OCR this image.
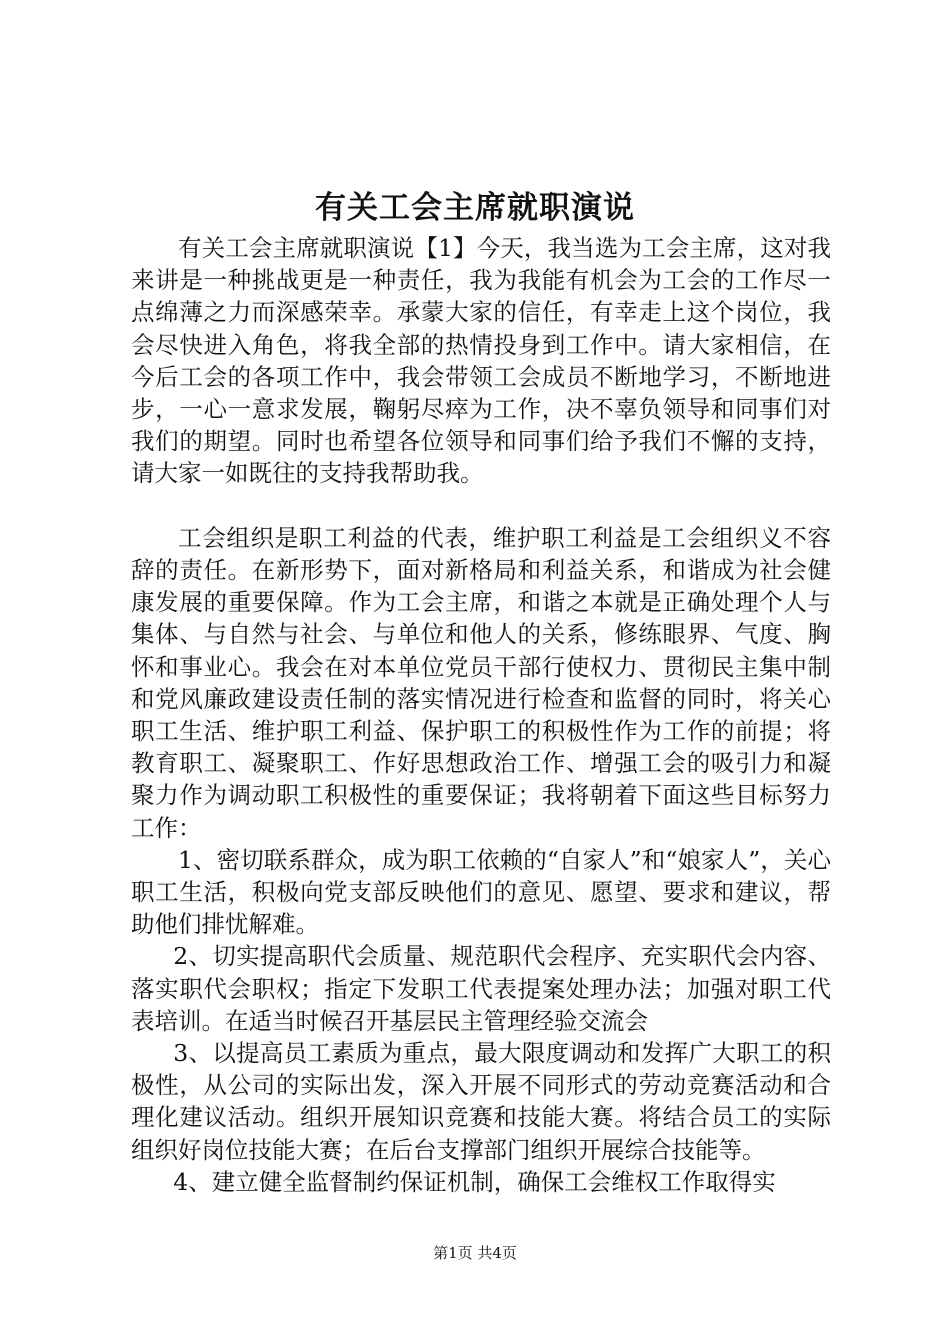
有关工会主席就职演说

有关工会主席就职演说【1】今天，我当选为工会主席，这对我来讲是一种挑战更是一种责任，我为我能有机会为工会的工作尽一点绵薄之力而深感荣幸。承蒙大家的信任，有幸走上这个岗位，我会尽快进入角色，将我全部的热情投身到工作中。请大家相信，在今后工会的各项工作中，我会带领工会成员不断地学习，不断地进步，一心一意求发展，鞠躬尽瘁为工作，决不辜负领导和同事们对我们的期望。同时也希望各位领导和同事们给予我们不懈的支持，请大家一如既往的支持我帮助我。

工会组织是职工利益的代表，维护职工利益是工会组织义不容辞的责任。在新形势下，面对新格局和利益关系，和谐成为社会健康发展的重要保障。作为工会主席，和谐之本就是正确处理个人与集体、与自然与社会、与单位和他人的关系，修练眼界、气度、胸怀和事业心。我会在对本单位党员干部行使权力、贯彻民主集中制和党风廉政建设责任制的落实情况进行检查和监督的同时，将关心职工生活、维护职工利益、保护职工的积极性作为工作的前提；将教育职工、凝聚职工、作好思想政治工作、增强工会的吸引力和凝聚力作为调动职工积极性的重要保证；我将朝着下面这些目标努力工作：

1、密切联系群众，成为职工依赖的“自家人”和“娘家人”，关心职工生活，积极向党支部反映他们的意见、愿望、要求和建议，帮助他们排忧解难。

2、切实提高职代会质量、规范职代会程序、充实职代会内容、落实职代会职权；指定下发职工代表提案处理办法；加强对职工代表培训。在适当时候召开基层民主管理经验交流会

3、以提高员工素质为重点，最大限度调动和发挥广大职工的积极性，从公司的实际出发，深入开展不同形式的劳动竞赛活动和合理化建议活动。组织开展知识竞赛和技能大赛。将结合员工的实际组织好岗位技能大赛；在后台支撑部门组织开展综合技能等。

4、建立健全监督制约保证机制，确保工会维权工作取得实

第1页 共4页
